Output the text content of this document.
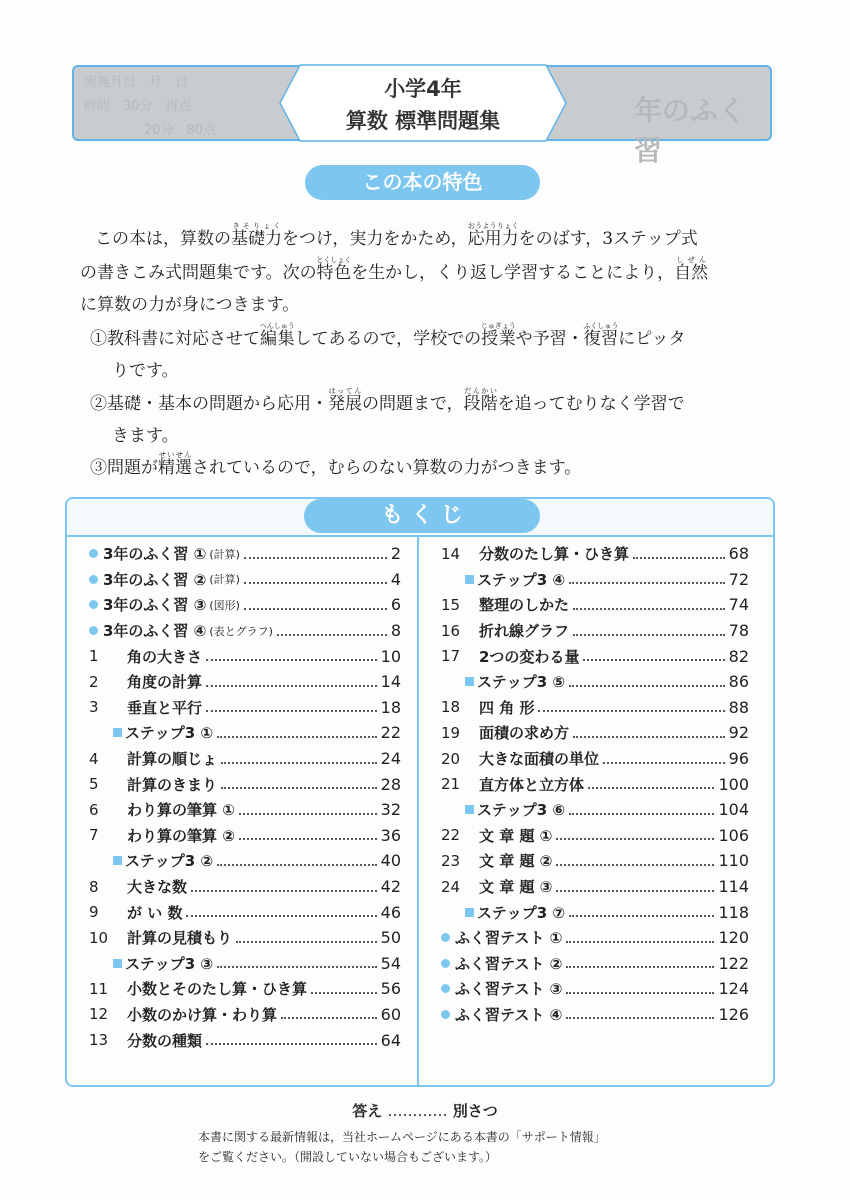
実施月日　月　日
時間　30分　得点
20分　80点
年のふく習
小学4年
算数 標準問題集
この本の特色
この本は，算数の基礎力きそりょくをつけ，実力をかため，応用力おうようりょくをのばす，3ステップ式
の書きこみ式問題集です。次の特色とくしょくを生かし，くり返し学習することにより，自然しぜん
に算数の力が身につきます。
①教科書に対応させて編集へんしゅうしてあるので，学校での授業じゅぎょうや予習・復習ふくしゅうにピッタ
りです。
②基礎・基本の問題から応用・発展はってんの問題まで，段階だんかいを追ってむりなく学習で
きます。
③問題が精選せいせんされているので，むらのない算数の力がつきます。
も く じ
3年のふく習 ① (計算)	2
3年のふく習 ② (計算)	4
3年のふく習 ③ (図形)	6
3年のふく習 ④ (表とグラフ)	8
1	角の大きさ	10
2	角度の計算	14
3	垂直と平行	18
ステップ3 ①	22
4	計算の順じょ	24
5	計算のきまり	28
6	わり算の筆算 ①	32
7	わり算の筆算 ②	36
ステップ3 ②	40
8	大きな数	42
9	が い 数	46
10	計算の見積もり	50
ステップ3 ③	54
11	小数とそのたし算・ひき算	56
12	小数のかけ算・わり算	60
13	分数の種類	64
14	分数のたし算・ひき算	68
ステップ3 ④	72
15	整理のしかた	74
16	折れ線グラフ	78
17	2つの変わる量	82
ステップ3 ⑤	86
18	四 角 形	88
19	面積の求め方	92
20	大きな面積の単位	96
21	直方体と立方体	100
ステップ3 ⑥	104
22	文 章 題 ①	106
23	文 章 題 ②	110
24	文 章 題 ③	114
ステップ3 ⑦	118
ふく習テスト ①	120
ふく習テスト ②	122
ふく習テスト ③	124
ふく習テスト ④	126
答え ………… 別さつ
本書に関する最新情報は，当社ホームページにある本書の「サポート情報」
をご覧ください。（開設していない場合もございます。）
